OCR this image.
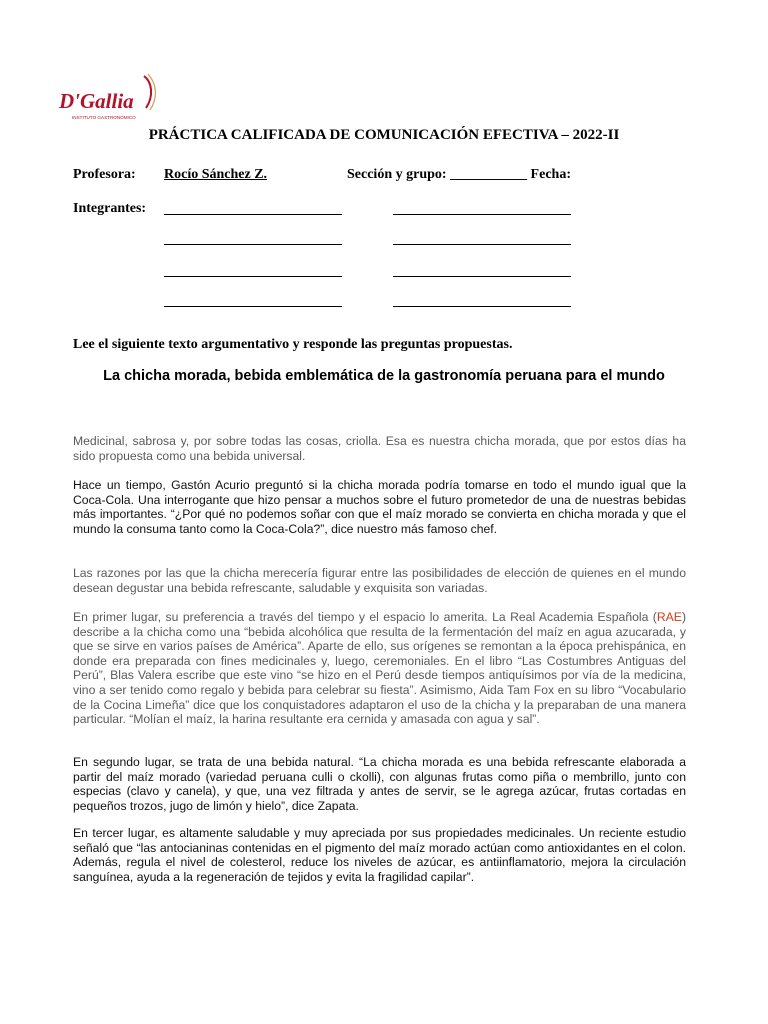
D'Gallia
INSTITUTO GASTRONÓMICO
PRÁCTICA CALIFICADA DE COMUNICACIÓN EFECTIVA – 2022-II
Profesora: Rocío Sánchez Z.	Sección y grupo: ___________ Fecha:
Integrantes:
Lee el siguiente texto argumentativo y responde las preguntas propuestas.
La chicha morada, bebida emblemática de la gastronomía peruana para el mundo
Medicinal, sabrosa y, por sobre todas las cosas, criolla. Esa es nuestra chicha morada, que por estos días ha sido propuesta como una bebida universal.
Hace un tiempo, Gastón Acurio preguntó si la chicha morada podría tomarse en todo el mundo igual que la Coca-Cola. Una interrogante que hizo pensar a muchos sobre el futuro prometedor de una de nuestras bebidas más importantes. “¿Por qué no podemos soñar con que el maíz morado se convierta en chicha morada y que el mundo la consuma tanto como la Coca-Cola?”, dice nuestro más famoso chef.
Las razones por las que la chicha merecería figurar entre las posibilidades de elección de quienes en el mundo desean degustar una bebida refrescante, saludable y exquisita son variadas.
En primer lugar, su preferencia a través del tiempo y el espacio lo amerita. La Real Academia Española (RAE) describe a la chicha como una “bebida alcohólica que resulta de la fermentación del maíz en agua azucarada, y que se sirve en varios países de América”. Aparte de ello, sus orígenes se remontan a la época prehispánica, en donde era preparada con fines medicinales y, luego, ceremoniales. En el libro “Las Costumbres Antiguas del Perú”, Blas Valera escribe que este vino “se hizo en el Perú desde tiempos antiquísimos por vía de la medicina, vino a ser tenido como regalo y bebida para celebrar su fiesta”. Asimismo, Aida Tam Fox en su libro “Vocabulario de la Cocina Limeña” dice que los conquistadores adaptaron el uso de la chicha y la preparaban de una manera particular. “Molían el maíz, la harina resultante era cernida y amasada con agua y sal”.
En segundo lugar, se trata de una bebida natural. “La chicha morada es una bebida refrescante elaborada a partir del maíz morado (variedad peruana culli o ckolli), con algunas frutas como piña o membrillo, junto con especias (clavo y canela), y que, una vez filtrada y antes de servir, se le agrega azúcar, frutas cortadas en pequeños trozos, jugo de limón y hielo”, dice Zapata.
En tercer lugar, es altamente saludable y muy apreciada por sus propiedades medicinales. Un reciente estudio señaló que “las antocianinas contenidas en el pigmento del maíz morado actúan como antioxidantes en el colon. Además, regula el nivel de colesterol, reduce los niveles de azúcar, es antiinflamatorio, mejora la circulación sanguínea, ayuda a la regeneración de tejidos y evita la fragilidad capilar”.
